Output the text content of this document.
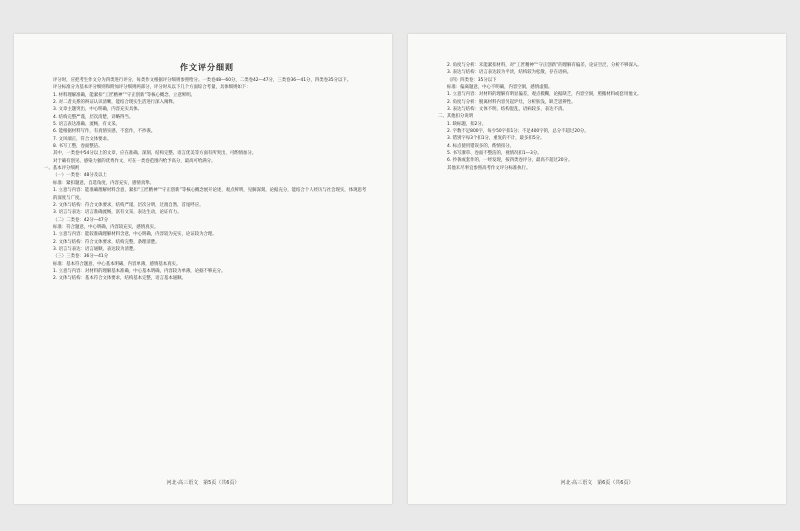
作文评分细则
评分时，应把考生作文分为四类进行评分，每类作文根据评分细则参照给分。一类卷48—60分，二类卷42—47分，三类卷36—41分，四类卷35分以下。
评分标准分为基本评分细则和附加评分细则两部分，评分时从以下几个方面综合考量，具体细则如下：
1. 材料理解准确，能紧扣“工匠精神”“守正创新”等核心概念，立意鲜明。
2. 对二者关系的辩证认识清晰，能结合现实生活进行深入阐释。
3. 文章主题突出，中心明确，内容充实具体。
4. 结构完整严谨，层次清楚，详略得当。
5. 语言表达准确、流畅，有文采。
6. 能根据材料写作，有真情实感，不套作，不抄袭。
7. 文风端正，符合文体要求。
8. 书写工整，卷面整洁。
其中，一类卷中54分以上的文章，应在准确、深刻、结构完整、语言优美等方面有所突出，可酌情加分。
对于确有创见、感染力强的优秀作文，可在一类卷范围内给予高分，最高可给满分。
一、基本评分细则
（一）一类卷：48分及以上
标准：紧扣题意，自选角度，内容充实，感情真挚。
1. 立意与内容：能准确理解材料含意，紧扣“工匠精神”“守正创新”等核心概念展开论述，观点鲜明，见解深刻，论据充分，能结合个人经历与社会现实，体现思考的深度与广度。
2. 文体与结构：符合文体要求，结构严谨，层次分明，过渡自然，首尾呼应。
3. 语言与表达：语言准确流畅，富有文采，表达生动，论证有力。
（二）二类卷：42分—47分
标准：符合题意，中心明确，内容较充实，感情真实。
1. 立意与内容：能较准确理解材料含意，中心明确，内容较为充实，论证较为合理。
2. 文体与结构：符合文体要求，结构完整，条理清楚。
3. 语言与表达：语言通顺，表达较为清楚。
（三）三类卷：36分—41分
标准：基本符合题意，中心基本明确，内容单薄，感情基本真实。
1. 立意与内容：对材料的理解基本准确，中心基本明确，内容较为单薄，论据不够充分。
2. 文体与结构：基本符合文体要求，结构基本完整，语言基本通顺。
河北·高三语文　第5页（共6页）
2. 角度与分析：未能紧扣材料，对“工匠精神”“守正创新”的理解有偏差，论证空泛，分析不够深入。
3. 表达与结构：语言表达较为平淡，结构较为松散，存在语病。
（四）四类卷：35分以下
标准：偏离题意，中心不明确，内容空洞，感情虚假。
1. 立意与内容：对材料的理解有明显偏差，观点模糊，论据缺乏，内容空洞，照搬材料或套用他文。
2. 角度与分析：脱离材料内容另起炉灶，分析肤浅，缺乏思辨性。
3. 表达与结构：文体不明，结构混乱，语病较多，表达不清。
二、其他扣分说明
1. 缺标题，扣2分。
2. 字数不足800字，每少50字扣1分；不足400字的，总分不超过20分。
3. 错别字每3个扣1分，重复的不计，最多扣5分。
4. 标点使用错误多的，酌情扣分。
5. 书写潦草、卷面不整洁的，视情况扣1—3分。
6. 抄袭或套作的，一经发现，按四类卷评分，最高不超过20分。
其他未尽事宜参照高考作文评分标准执行。
河北·高三语文　第6页（共6页）
